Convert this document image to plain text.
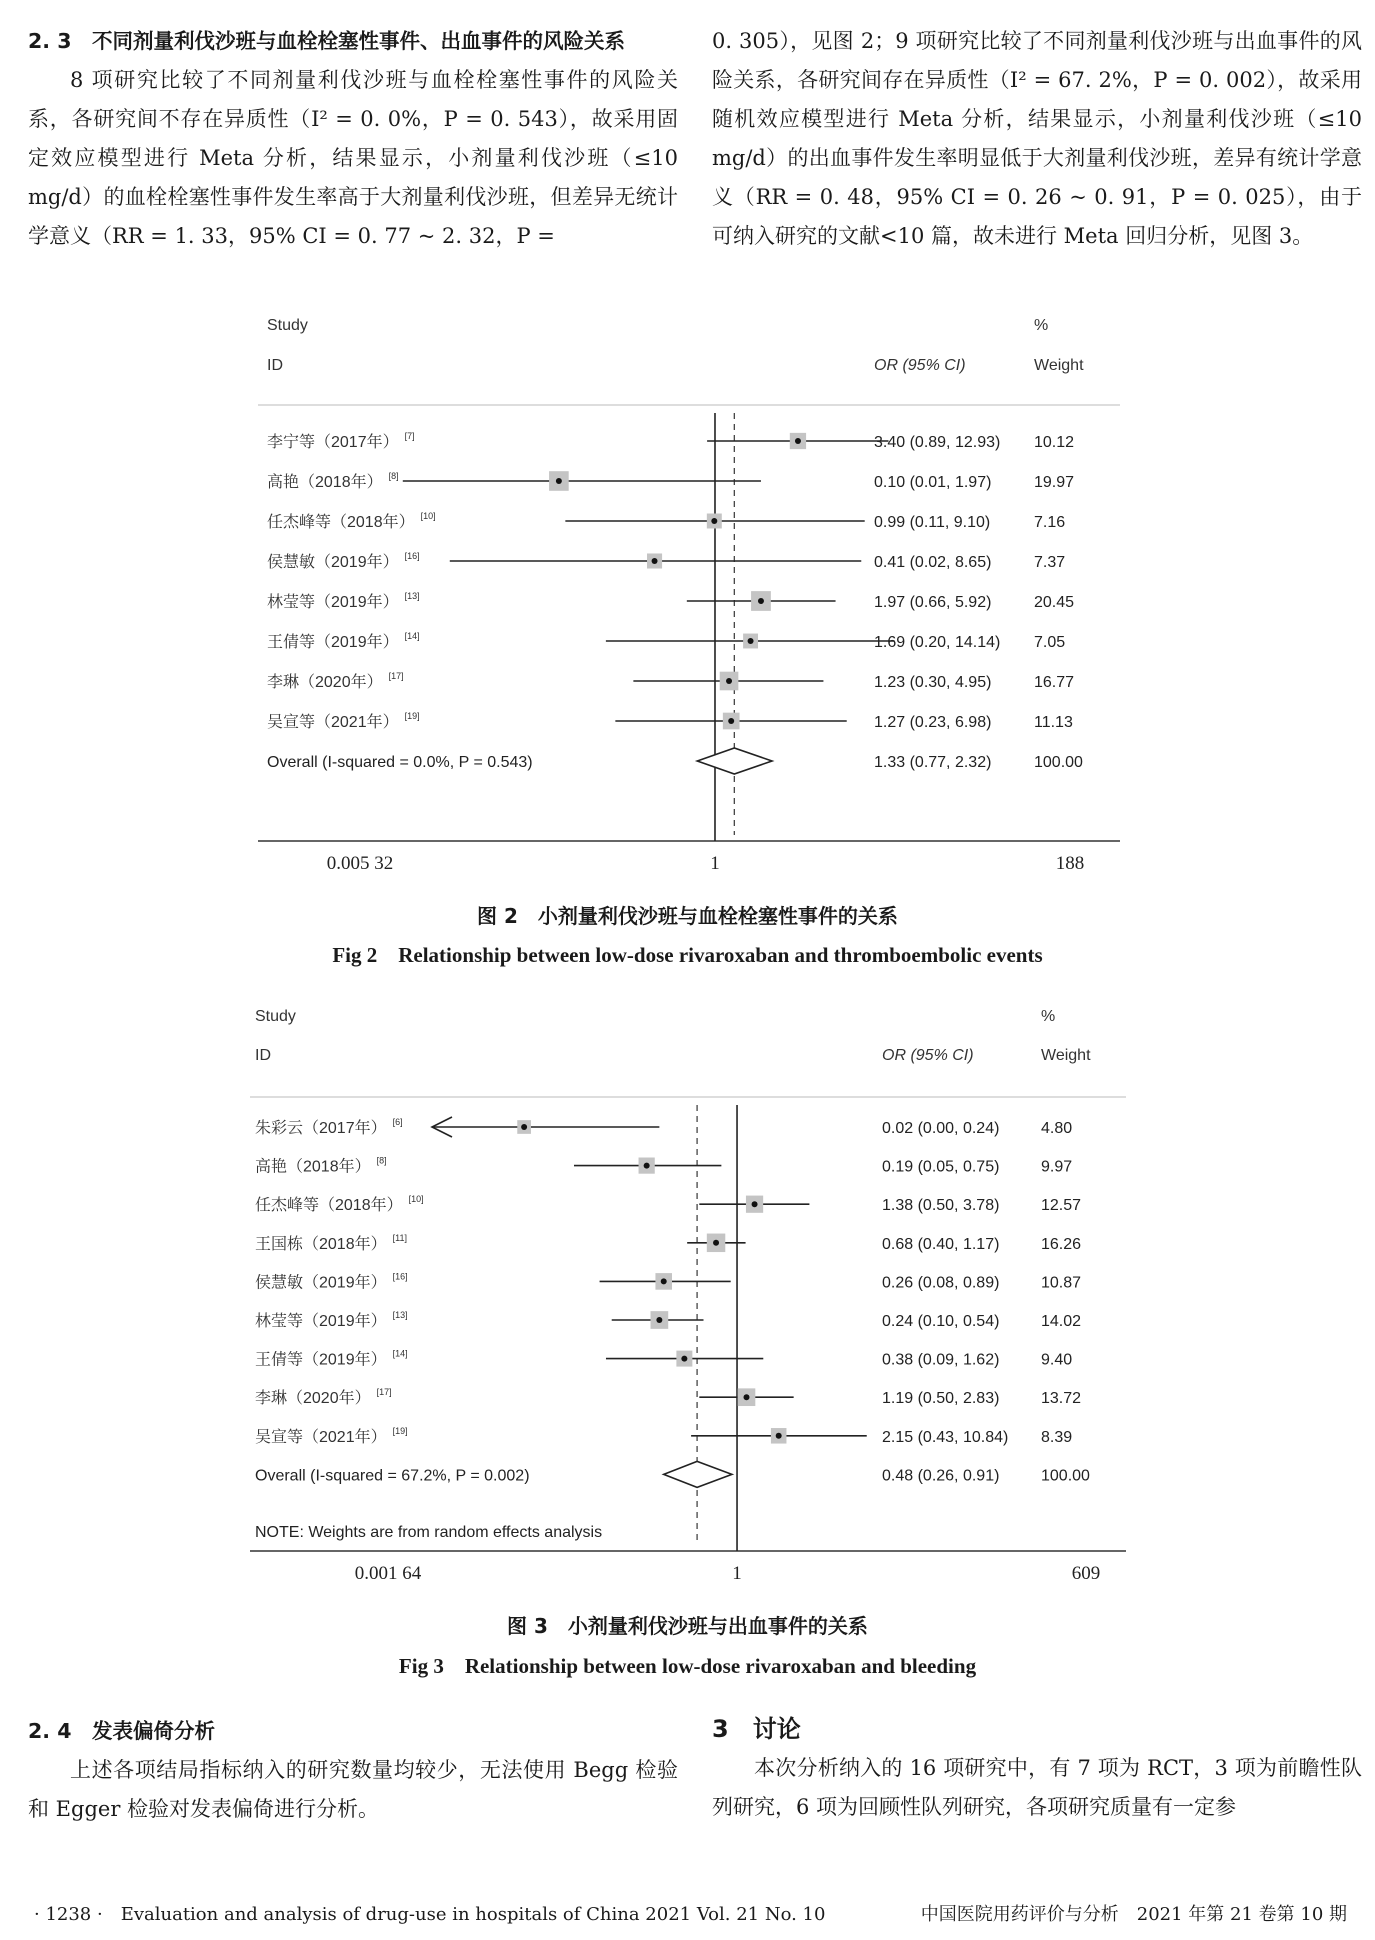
2. 3　不同剂量利伐沙班与血栓栓塞性事件、出血事件的风险关系

8 项研究比较了不同剂量利伐沙班与血栓栓塞性事件的风险关系，各研究间不存在异质性（I² = 0. 0%，P = 0. 543），故采用固定效应模型进行 Meta 分析，结果显示，小剂量利伐沙班（≤10 mg/d）的血栓栓塞性事件发生率高于大剂量利伐沙班，但差异无统计学意义（RR = 1. 33，95% CI = 0. 77 ~ 2. 32，P =

0. 305），见图 2；9 项研究比较了不同剂量利伐沙班与出血事件的风险关系，各研究间存在异质性（I² = 67. 2%，P = 0. 002），故采用随机效应模型进行 Meta 分析，结果显示，小剂量利伐沙班（≤10 mg/d）的出血事件发生率明显低于大剂量利伐沙班，差异有统计学意义（RR = 0. 48，95% CI = 0. 26 ~ 0. 91，P = 0. 025），由于可纳入研究的文献<10 篇，故未进行 Meta 回归分析，见图 3。

Study
ID	OR (95% CI)
%
Weight
0.005 32	1	188
李宁等（2017年） [7]	3.40 (0.89, 12.93) 10.12
高艳（2018年） [8]	0.10 (0.01, 1.97)	19.97
任杰峰等（2018年） [10]	0.99 (0.11, 9.10)	7.16
侯慧敏（2019年） [16]	0.41 (0.02, 8.65)	7.37
林莹等（2019年） [13]	1.97 (0.66, 5.92)	20.45
王倩等（2019年） [14]	1.69 (0.20, 14.14) 7.05
李琳（2020年） [17]	1.23 (0.30, 4.95)	16.77
吴宣等（2021年） [19]	1.27 (0.23, 6.98)	11.13
Overall (I-squared = 0.0%, P = 0.543)	1.33 (0.77, 2.32)	100.00
图 2　小剂量利伐沙班与血栓栓塞性事件的关系
Fig 2　Relationship between low-dose rivaroxaban and thromboembolic events
Study
ID	OR (95% CI)
%
Weight
0.001 64	1	609
朱彩云（2017年） [6]	0.02 (0.00, 0.24)	4.80
高艳（2018年） [8]	0.19 (0.05, 0.75)	9.97
任杰峰等（2018年） [10]	1.38 (0.50, 3.78)	12.57
王国栋（2018年） [11]	0.68 (0.40, 1.17)	16.26
侯慧敏（2019年） [16]	0.26 (0.08, 0.89)	10.87
林莹等（2019年） [13]	0.24 (0.10, 0.54)	14.02
王倩等（2019年） [14]	0.38 (0.09, 1.62)	9.40
李琳（2020年） [17]	1.19 (0.50, 2.83)	13.72
吴宣等（2021年） [19]	2.15 (0.43, 10.84) 8.39
Overall (I-squared = 67.2%, P = 0.002)	0.48 (0.26, 0.91)	100.00
NOTE: Weights are from random effects analysis
图 3　小剂量利伐沙班与出血事件的关系
Fig 3　Relationship between low-dose rivaroxaban and bleeding

2. 4　发表偏倚分析

上述各项结局指标纳入的研究数量均较少，无法使用 Begg 检验和 Egger 检验对发表偏倚进行分析。

3　讨论

本次分析纳入的 16 项研究中，有 7 项为 RCT，3 项为前瞻性队列研究，6 项为回顾性队列研究，各项研究质量有一定参

· 1238 ·　Evaluation and analysis of drug-use in hospitals of China 2021 Vol. 21 No. 10	中国医院用药评价与分析　2021 年第 21 卷第 10 期
